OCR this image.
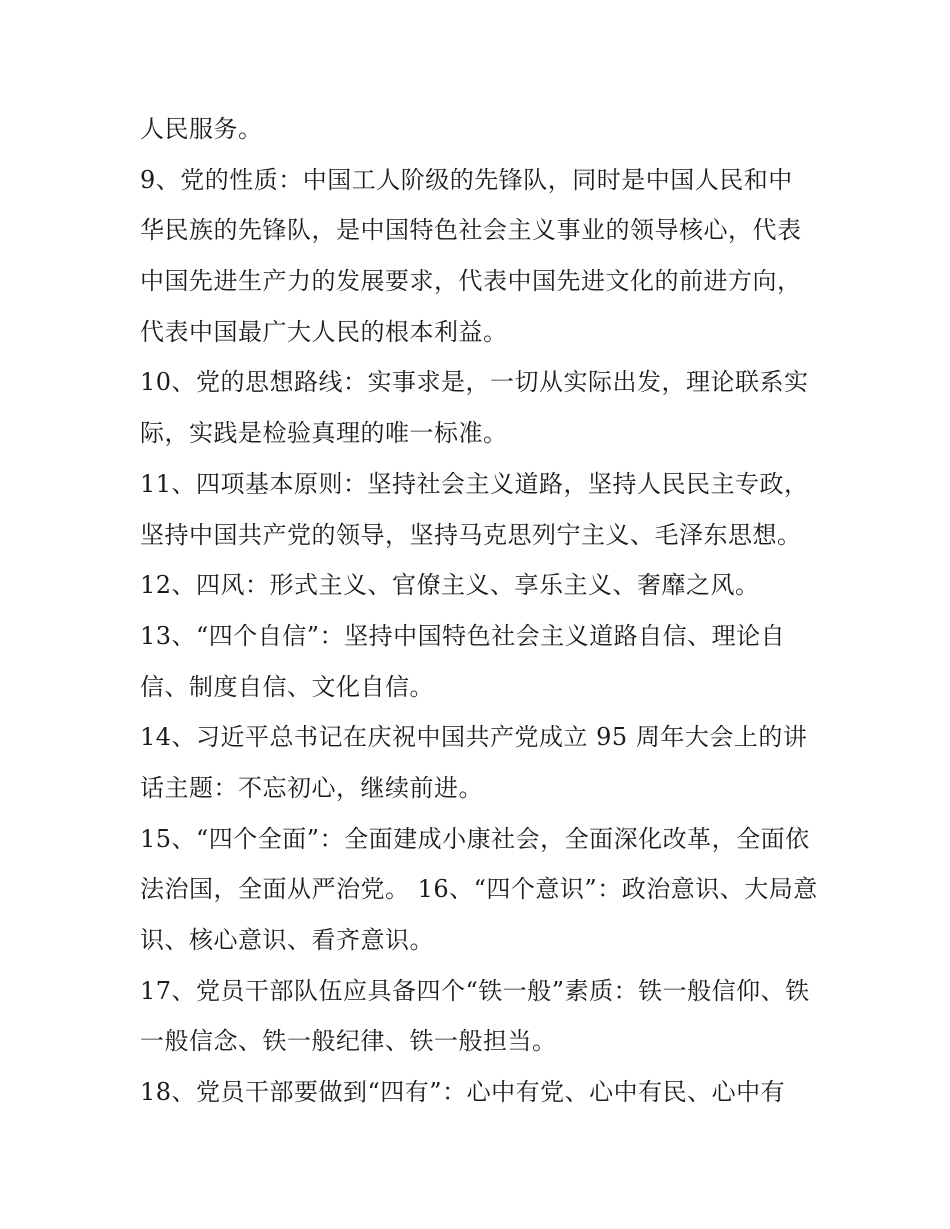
人民服务。
9、党的性质：中国工人阶级的先锋队，同时是中国人民和中
华民族的先锋队，是中国特色社会主义事业的领导核心，代表
中国先进生产力的发展要求，代表中国先进文化的前进方向，
代表中国最广大人民的根本利益。
10、党的思想路线：实事求是，一切从实际出发，理论联系实
际，实践是检验真理的唯一标准。
11、四项基本原则：坚持社会主义道路，坚持人民民主专政，
坚持中国共产党的领导，坚持马克思列宁主义、毛泽东思想。
12、四风：形式主义、官僚主义、享乐主义、奢靡之风。
13、“四个自信”：坚持中国特色社会主义道路自信、理论自
信、制度自信、文化自信。
14、习近平总书记在庆祝中国共产党成立 95 周年大会上的讲
话主题：不忘初心，继续前进。
15、“四个全面”：全面建成小康社会，全面深化改革，全面依
法治国，全面从严治党。 16、“四个意识”：政治意识、大局意
识、核心意识、看齐意识。
17、党员干部队伍应具备四个“铁一般”素质：铁一般信仰、铁
一般信念、铁一般纪律、铁一般担当。
18、党员干部要做到“四有”：心中有党、心中有民、心中有
